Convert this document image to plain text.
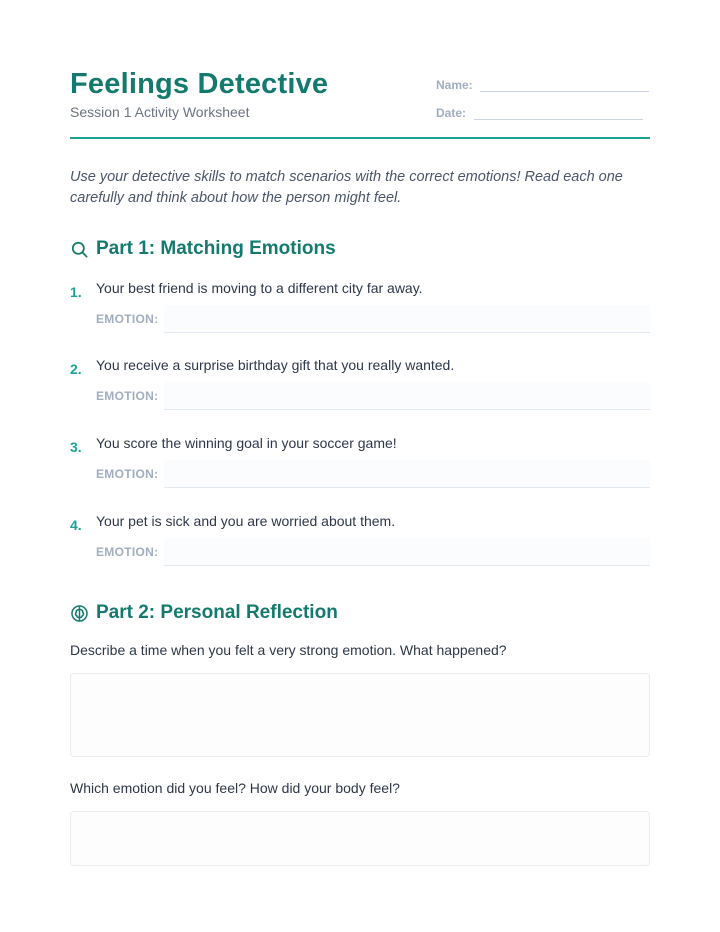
Feelings Detective
Session 1 Activity Worksheet
Name:
Date:
Use your detective skills to match scenarios with the correct emotions! Read each one carefully and think about how the person might feel.
Part 1: Matching Emotions
1. Your best friend is moving to a different city far away.
EMOTION:
2. You receive a surprise birthday gift that you really wanted.
EMOTION:
3. You score the winning goal in your soccer game!
EMOTION:
4. Your pet is sick and you are worried about them.
EMOTION:
Part 2: Personal Reflection
Describe a time when you felt a very strong emotion. What happened?
Which emotion did you feel? How did your body feel?
